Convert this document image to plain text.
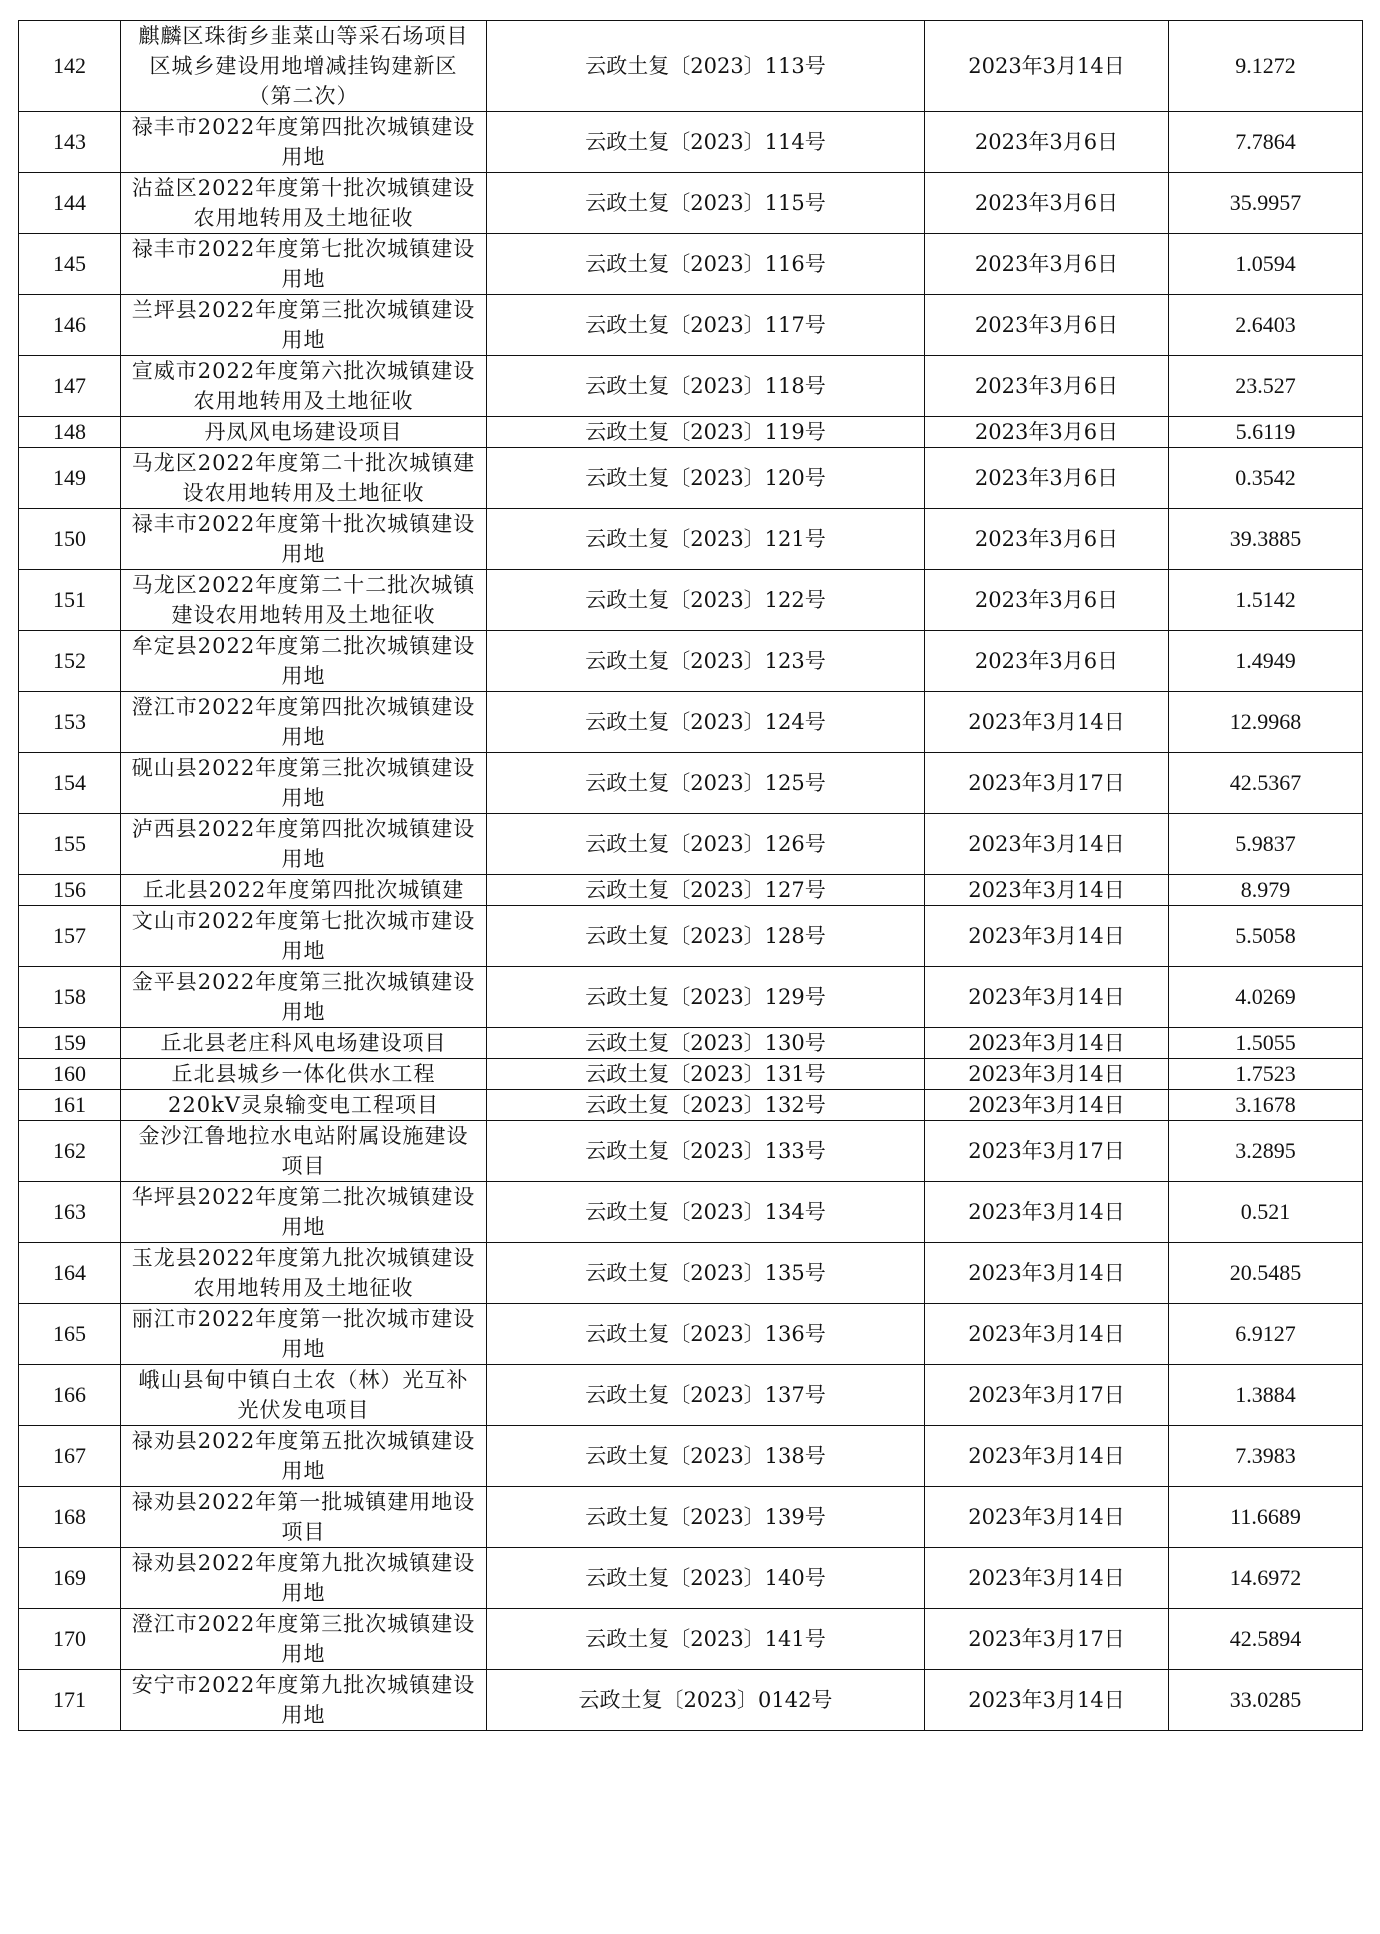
142	麒麟区珠街乡韭菜山等采石场项目区城乡建设用地增减挂钩建新区（第二次）	云政土复〔2023〕113号	2023年3月14日	9.1272
143	禄丰市2022年度第四批次城镇建设用地	云政土复〔2023〕114号	2023年3月6日	7.7864
144	沾益区2022年度第十批次城镇建设农用地转用及土地征收	云政土复〔2023〕115号	2023年3月6日	35.9957
145	禄丰市2022年度第七批次城镇建设用地	云政土复〔2023〕116号	2023年3月6日	1.0594
146	兰坪县2022年度第三批次城镇建设用地	云政土复〔2023〕117号	2023年3月6日	2.6403
147	宣威市2022年度第六批次城镇建设农用地转用及土地征收	云政土复〔2023〕118号	2023年3月6日	23.527
148	丹凤风电场建设项目	云政土复〔2023〕119号	2023年3月6日	5.6119
149	马龙区2022年度第二十批次城镇建设农用地转用及土地征收	云政土复〔2023〕120号	2023年3月6日	0.3542
150	禄丰市2022年度第十批次城镇建设用地	云政土复〔2023〕121号	2023年3月6日	39.3885
151	马龙区2022年度第二十二批次城镇建设农用地转用及土地征收	云政土复〔2023〕122号	2023年3月6日	1.5142
152	牟定县2022年度第二批次城镇建设用地	云政土复〔2023〕123号	2023年3月6日	1.4949
153	澄江市2022年度第四批次城镇建设用地	云政土复〔2023〕124号	2023年3月14日	12.9968
154	砚山县2022年度第三批次城镇建设用地	云政土复〔2023〕125号	2023年3月17日	42.5367
155	泸西县2022年度第四批次城镇建设用地	云政土复〔2023〕126号	2023年3月14日	5.9837
156	丘北县2022年度第四批次城镇建	云政土复〔2023〕127号	2023年3月14日	8.979
157	文山市2022年度第七批次城市建设用地	云政土复〔2023〕128号	2023年3月14日	5.5058
158	金平县2022年度第三批次城镇建设用地	云政土复〔2023〕129号	2023年3月14日	4.0269
159	丘北县老庄科风电场建设项目	云政土复〔2023〕130号	2023年3月14日	1.5055
160	丘北县城乡一体化供水工程	云政土复〔2023〕131号	2023年3月14日	1.7523
161	220kV灵泉输变电工程项目	云政土复〔2023〕132号	2023年3月14日	3.1678
162	金沙江鲁地拉水电站附属设施建设项目	云政土复〔2023〕133号	2023年3月17日	3.2895
163	华坪县2022年度第二批次城镇建设用地	云政土复〔2023〕134号	2023年3月14日	0.521
164	玉龙县2022年度第九批次城镇建设农用地转用及土地征收	云政土复〔2023〕135号	2023年3月14日	20.5485
165	丽江市2022年度第一批次城市建设用地	云政土复〔2023〕136号	2023年3月14日	6.9127
166	峨山县甸中镇白土农（林）光互补光伏发电项目	云政土复〔2023〕137号	2023年3月17日	1.3884
167	禄劝县2022年度第五批次城镇建设用地	云政土复〔2023〕138号	2023年3月14日	7.3983
168	禄劝县2022年第一批城镇建用地设项目	云政土复〔2023〕139号	2023年3月14日	11.6689
169	禄劝县2022年度第九批次城镇建设用地	云政土复〔2023〕140号	2023年3月14日	14.6972
170	澄江市2022年度第三批次城镇建设用地	云政土复〔2023〕141号	2023年3月17日	42.5894
171	安宁市2022年度第九批次城镇建设用地	云政土复〔2023〕0142号	2023年3月14日	33.0285
